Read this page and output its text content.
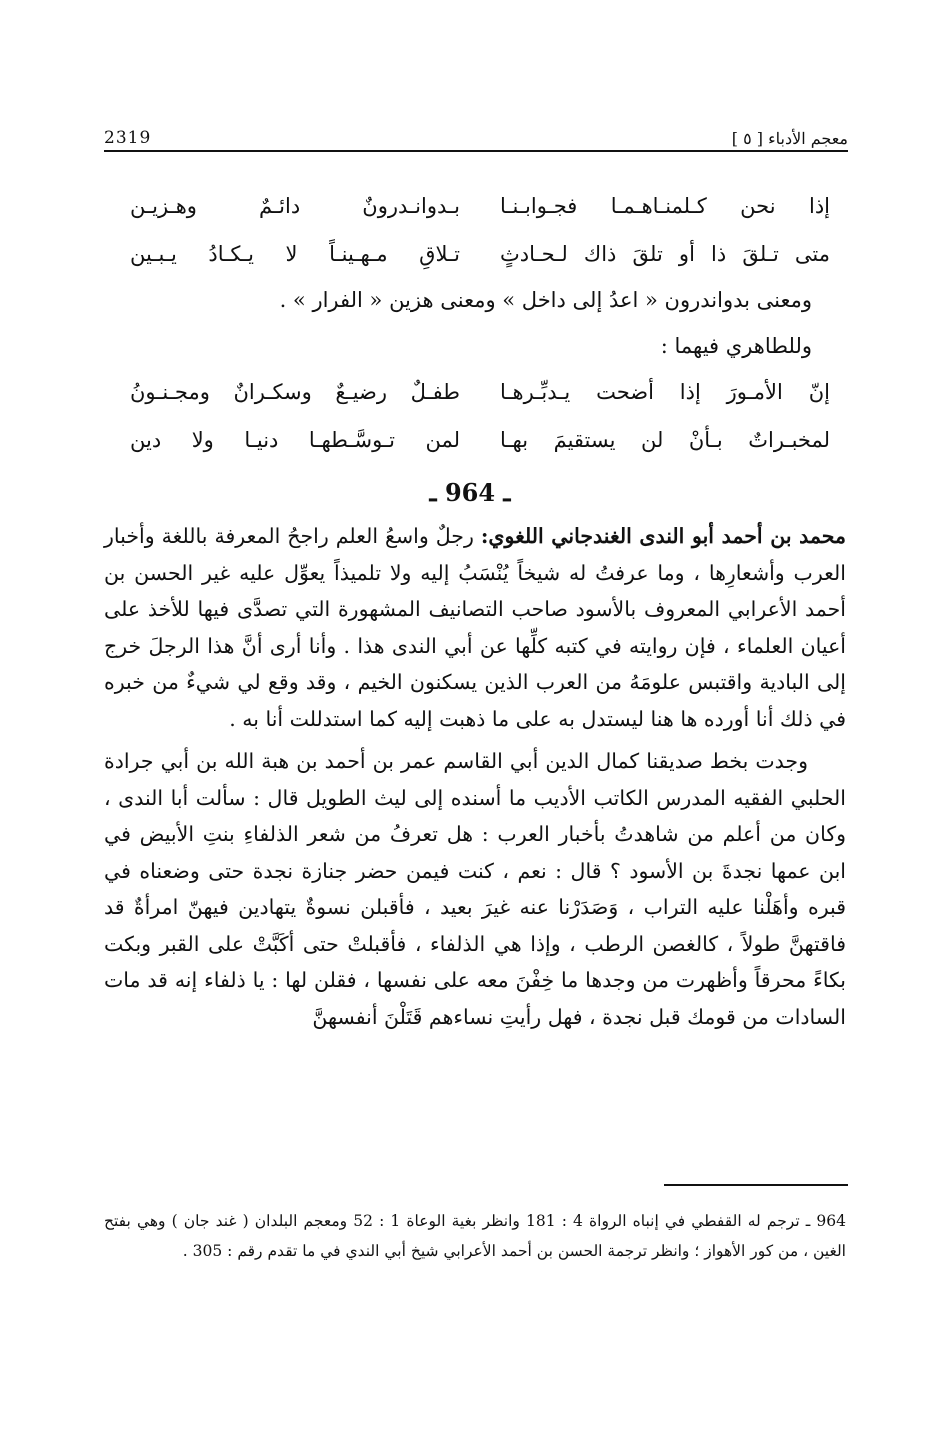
2319	معجم الأدباء [ ٥ ]
إذا نحن كـلمنـاهـمـا فجـوابـنـا
بـدوانـدرونٌ دائـمٌ وهـزيـن
متى تـلقَ ذا أو تلقَ ذاك لـحـادثٍ
تـلاقِ مـهـينـاً لا يـكـادُ يـبـين
ومعنى بدواندرون « اعدُ إلى داخل » ومعنى هزين « الفرار » .
وللطاهري فيهما :
إنّ الأمـورَ إذا أضحت يـدبِّـرهـا
طفـلٌ رضيـعٌ وسكـرانٌ ومجـنـونُ
لمخبـراتٌ بـأنْ لن يستقيمَ بهـا
لمن تـوسَّـطهـا دنيـا ولا دين
ـ 964 ـ

محمد بن أحمد أبو الندى الغندجاني اللغوي: رجلٌ واسعُ العلم راجحُ المعرفة باللغة وأخبار العرب وأشعارِها ، وما عرفتُ له شيخاً يُنْسَبُ إليه ولا تلميذاً يعوِّل عليه غير الحسن بن أحمد الأعرابي المعروف بالأسود صاحب التصانيف المشهورة التي تصدَّى فيها للأخذ على أعيان العلماء ، فإن روايته في كتبه كلِّها عن أبي الندى هذا . وأنا أرى أنَّ هذا الرجلَ خرج إلى البادية واقتبس علومَهُ من العرب الذين يسكنون الخيم ، وقد وقع لي شيءٌ من خبره في ذلك أنا أورده ها هنا ليستدل به على ما ذهبت إليه كما استدللت أنا به .

وجدت بخط صديقنا كمال الدين أبي القاسم عمر بن أحمد بن هبة الله بن أبي جرادة الحلبي الفقيه المدرس الكاتب الأديب ما أسنده إلى ليث الطويل قال : سألت أبا الندى ، وكان من أعلم من شاهدتُ بأخبار العرب : هل تعرفُ من شعر الذلفاءِ بنتِ الأبيض في ابن عمها نجدةَ بن الأسود ؟ قال : نعم ، كنت فيمن حضر جنازة نجدة حتى وضعناه في قبره وأهَلْنا عليه التراب ، وَصَدَرْنا عنه غيرَ بعيد ، فأقبلن نسوةٌ يتهادين فيهنّ امرأةٌ قد فاقتهنَّ طولاً ، كالغصن الرطب ، وإذا هي الذلفاء ، فأقبلتْ حتى أكَبَّتْ على القبر وبكت بكاءً محرقاً وأظهرت من وجدها ما خِفْنَ معه على نفسها ، فقلن لها : يا ذلفاء إنه قد مات السادات من قومك قبل نجدة ، فهل رأيتِ نساءهم قَتَلْنَ أنفسهنَّ

964 ـ ترجم له القفطي في إنباه الرواة 4 : 181 وانظر بغية الوعاة 1 : 52 ومعجم البلدان ( غند جان ) وهي بفتح الغين ، من كور الأهواز ؛ وانظر ترجمة الحسن بن أحمد الأعرابي شيخ أبي الندي في ما تقدم رقم : 305 .
